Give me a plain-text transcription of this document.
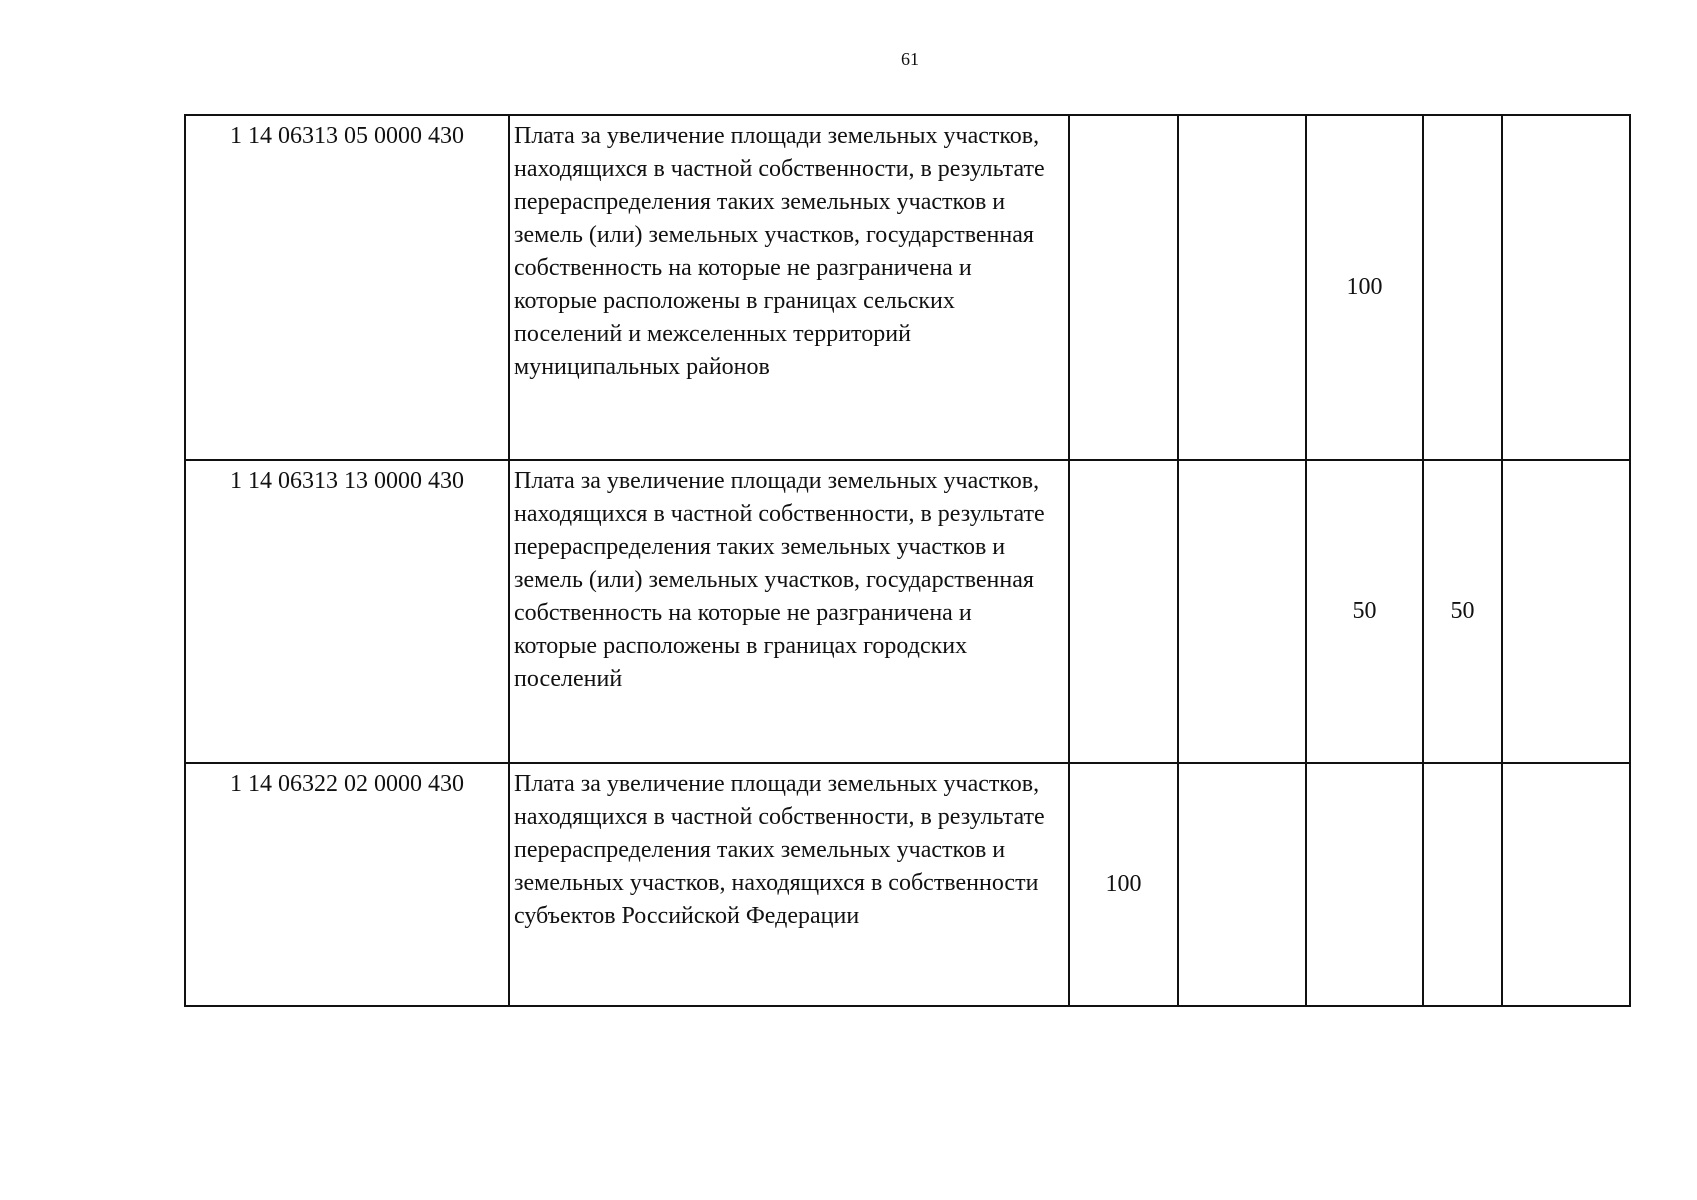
61
1 14 06313 05 0000 430	Плата за увеличение площади земельных участков, находящихся в частной собственности, в результате перераспределения таких земельных участков и земель (или) земельных участков, государственная собственность на которые не разграничена и которые расположены в границах сельских поселений и межселенных территорий муниципальных районов			100		
1 14 06313 13 0000 430	Плата за увеличение площади земельных участков, находящихся в частной собственности, в результате перераспределения таких земельных участков и земель (или) земельных участков, государственная собственность на которые не разграничена и которые расположены в границах городских поселений			50	50	
1 14 06322 02 0000 430	Плата за увеличение площади земельных участков, находящихся в частной собственности, в результате перераспределения таких земельных участков и земельных участков, находящихся в собственности субъектов Российской Федерации	100				
